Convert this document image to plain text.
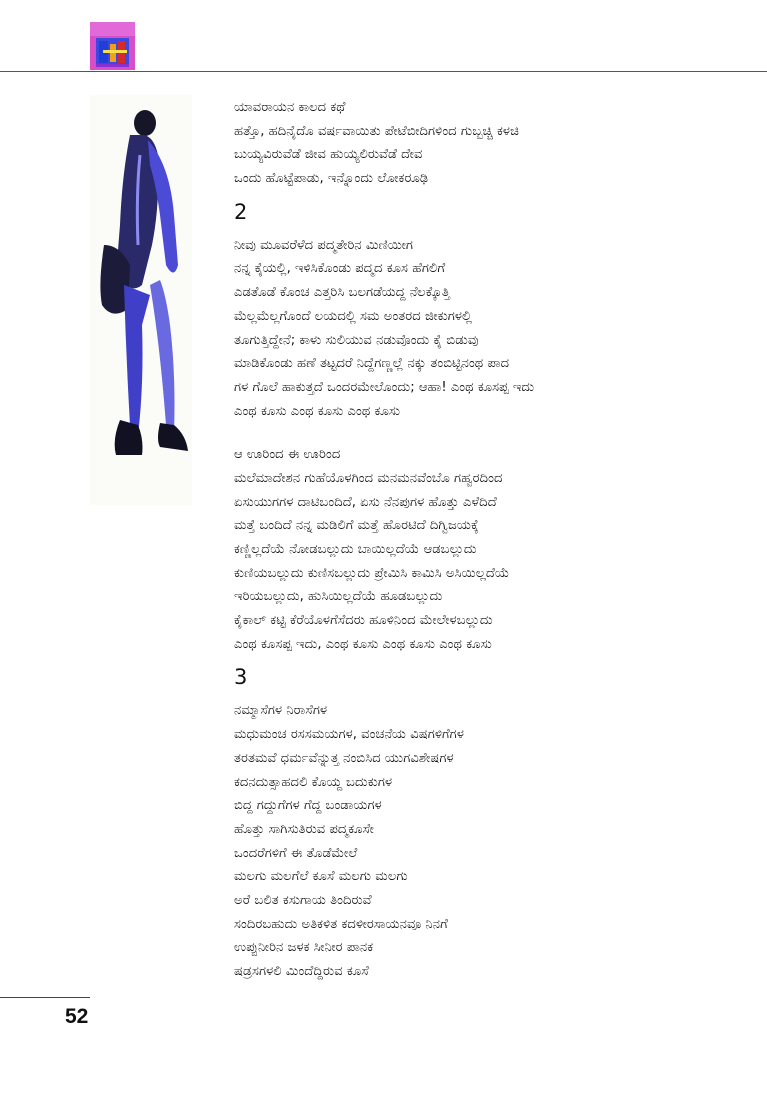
ಯಾವರಾಯನ ಕಾಲದ ಕಥೆ
ಹತ್ತೊ, ಹದಿನೈದೊ ವರ್ಷವಾಯಿತು ಪೇಟೆಬೀದಿಗಳಿಂದ ಗುಬ್ಬಚ್ಚಿ ಕಳಚಿ
ಬುಯ್ಯವಿರುವೆಡೆ ಜೀವ ಹುಯ್ಯಲಿರುವೆಡೆ ದೇವ
ಒಂದು ಹೊಟ್ಟೆಪಾಡು, ಇನ್ನೊಂದು ಲೋಕರೂಢಿ
2
ನೀವು ಮೂವರೆಳೆದ ಪದ್ಮತೇರಿನ ಮಿಣಿಯೀಗ
ನನ್ನ ಕೈಯಲ್ಲಿ, ಇಳಿಸಿಕೊಂಡು ಪದ್ಮದ ಕೂಸ ಹೆಗಲಿಗೆ
ಎಡತೊಡೆ ಕೊಂಚ ಎತ್ತರಿಸಿ ಬಲಗಡೆಯದ್ದ ನೆಲಕ್ಕೊತ್ತಿ
ಮೆಲ್ಲಮೆಲ್ಲಗೊಂದೆ ಲಯದಲ್ಲಿ ಸಮ ಅಂತರದ ಜೀಕುಗಳಲ್ಲಿ
ತೂಗುತ್ತಿದ್ದೇನೆ; ಕಾಳು ಸುಲಿಯುವ ನಡುವೊಂದು ಕೈ ಬಿಡುವು
ಮಾಡಿಕೊಂಡು ಹಣೆ ತಟ್ಟದರೆ ನಿದ್ದೆಗಣ್ಣಲ್ಲೆ ನಕ್ಕು ತಂಬಿಟ್ಟಿನಂಥ ಪಾದ
ಗಳ ಗೊಲೆ ಹಾಕುತ್ತದೆ ಒಂದರಮೇಲೊಂದು; ಆಹಾ! ಎಂಥ ಕೂಸಪ್ಪ ಇದು
ಎಂಥ ಕೂಸು ಎಂಥ ಕೂಸು ಎಂಥ ಕೂಸು
ಆ ಊರಿಂದ ಈ ಊರಿಂದ
ಮಲೆಮಾದೇಶನ ಗುಹೆಯೊಳಗಿಂದ ಮನಮನವೆಂಬೊ ಗಹ್ವರದಿಂದ
ಏಸುಯುಗಗಳ ದಾಟಿಬಂದಿದೆ, ಏಸು ನೆನಪುಗಳ ಹೊತ್ತು ಎಳೆದಿದೆ
ಮತ್ತೆ ಬಂದಿದೆ ನನ್ನ ಮಡಿಲಿಗೆ ಮತ್ತೆ ಹೊರಟಿದೆ ದಿಗ್ವಿಜಯಕ್ಕೆ
ಕಣ್ಣಿಲ್ಲದೆಯೆ ನೋಡಬಲ್ಲುದು ಬಾಯಿಲ್ಲದೆಯೆ ಆಡಬಲ್ಲುದು
ಕುಣಿಯಬಲ್ಲುದು ಕುಣಿಸಬಲ್ಲುದು ಪ್ರೇಮಿಸಿ ಕಾಮಿಸಿ ಅಸಿಯಿಲ್ಲದೆಯೆ
ಇರಿಯಬಲ್ಲುದು, ಹುಸಿಯಿಲ್ಲದೆಯೆ ಹೂಡಬಲ್ಲುದು
ಕೈಕಾಲ್ ಕಟ್ಟಿ ಕೆರೆಯೊಳಗೆಸೆದರು ಹೂಳಿನಿಂದ ಮೇಲೇಳಬಲ್ಲುದು
ಎಂಥ ಕೂಸಪ್ಪ ಇದು, ಎಂಥ ಕೂಸು ಎಂಥ ಕೂಸು ಎಂಥ ಕೂಸು
3
ನಮ್ಮಾಸೆಗಳ ನಿರಾಸೆಗಳ
ಮಧುಮಂಚ ರಸಸಮಯಗಳ, ವಂಚನೆಯ ವಿಷಗಳಿಗೆಗಳ
ತರತಮವೆ ಧರ್ಮವೆನ್ನುತ್ತ ನಂಬಿಸಿದ ಯುಗವಿಶೇಷಗಳ
ಕದನದುತ್ಸಾಹದಲಿ ಕೊಯ್ದ ಬದುಕುಗಳ
ಬಿದ್ದ ಗದ್ದುಗೆಗಳ ಗೆದ್ದ ಬಂಡಾಯಗಳ
ಹೊತ್ತು ಸಾಗಿಸುತಿರುವ ಪದ್ಮಕೂಸೇ
ಒಂದರೆಗಳಿಗೆ ಈ ತೊಡೆಮೇಲೆ
ಮಲಗು ಮಲಗೆಲೆ ಕೂಸೆ ಮಲಗು ಮಲಗು
ಅರೆ ಬಲಿತ ಕಸುಗಾಯ ತಿಂದಿರುವೆ
ಸಂದಿರಬಹುದು ಅತಿಕಳಿತ ಕದಳೀರಸಾಯನವೂ ನಿನಗೆ
ಉಪ್ಪುನೀರಿನ ಜಳಕ ಸೀನೀರ ಪಾನಕ
ಷಡ್ರಸಗಳಲಿ ಮಿಂದೆದ್ದಿರುವ ಕೂಸೆ
52
